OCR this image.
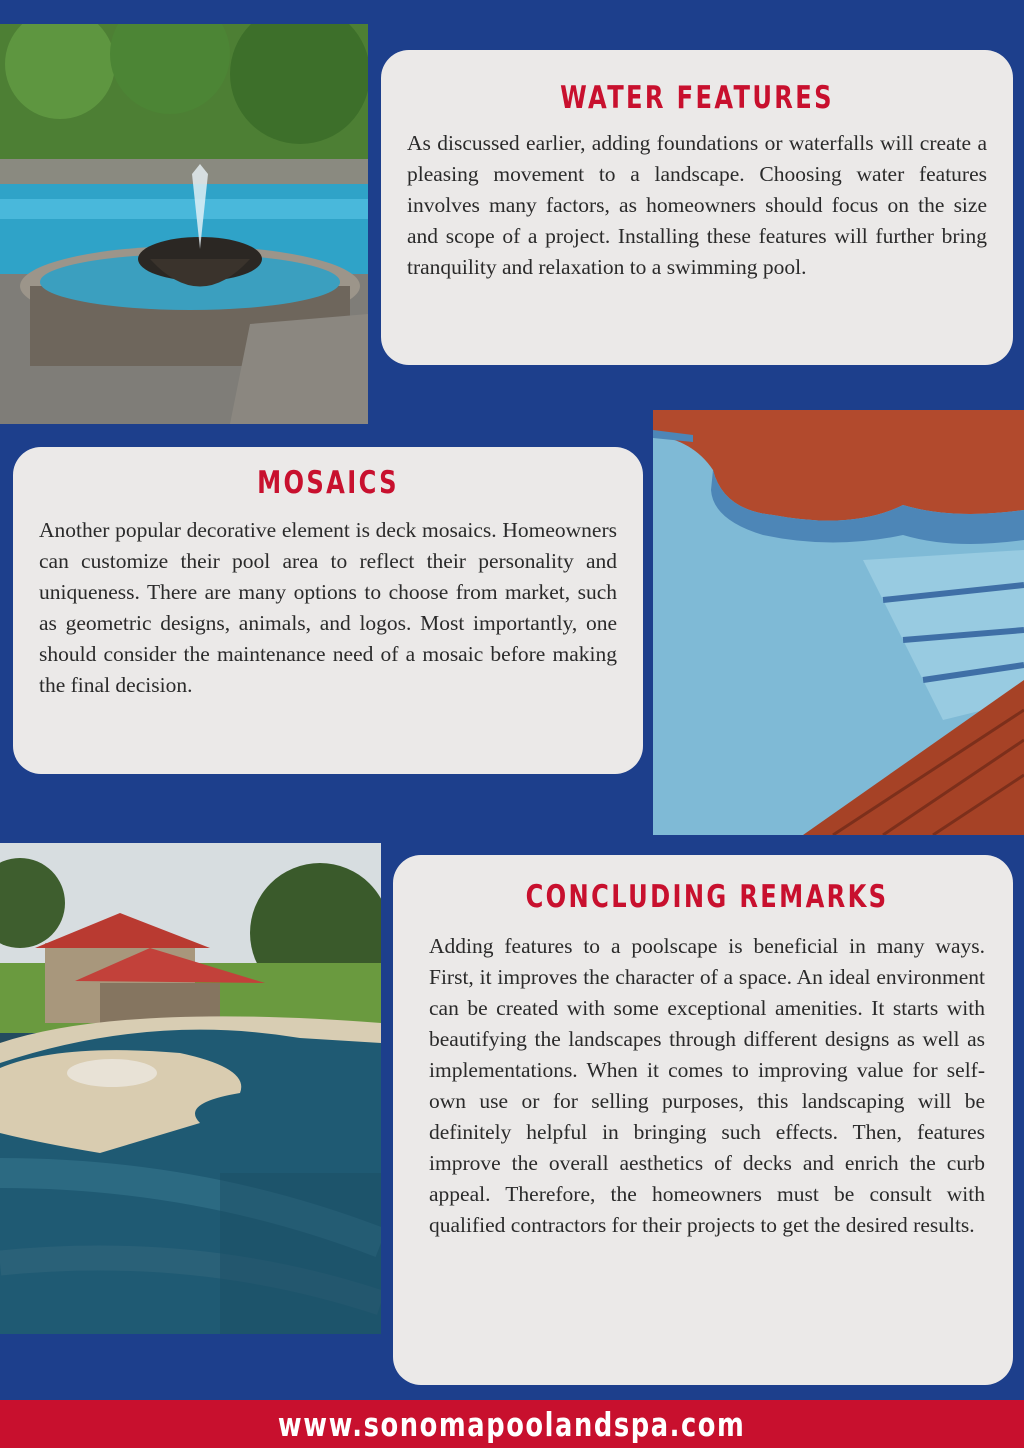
WATER FEATURES

As discussed earlier, adding foundations or waterfalls will create a pleasing movement to a landscape. Choosing water features involves many factors, as homeowners should focus on the size and scope of a project. Installing these features will further bring tranquility and relaxation to a swimming pool.

MOSAICS

Another popular decorative element is deck mosaics. Homeowners can customize their pool area to reflect their personality and uniqueness. There are many options to choose from market, such as geometric designs, animals, and logos. Most importantly, one should consider the maintenance need of a mosaic before making the final decision.

CONCLUDING REMARKS

Adding features to a poolscape is beneficial in many ways. First, it improves the character of a space. An ideal environment can be created with some exceptional amenities. It starts with beautifying the landscapes through different designs as well as implementations. When it comes to improving value for self-own use or for selling purposes, this landscaping will be definitely helpful in bringing such effects. Then, features improve the overall aesthetics of decks and enrich the curb appeal. Therefore, the homeowners must be consult with qualified contractors for their projects to get the desired results.

www.sonomapoolandspa.com
